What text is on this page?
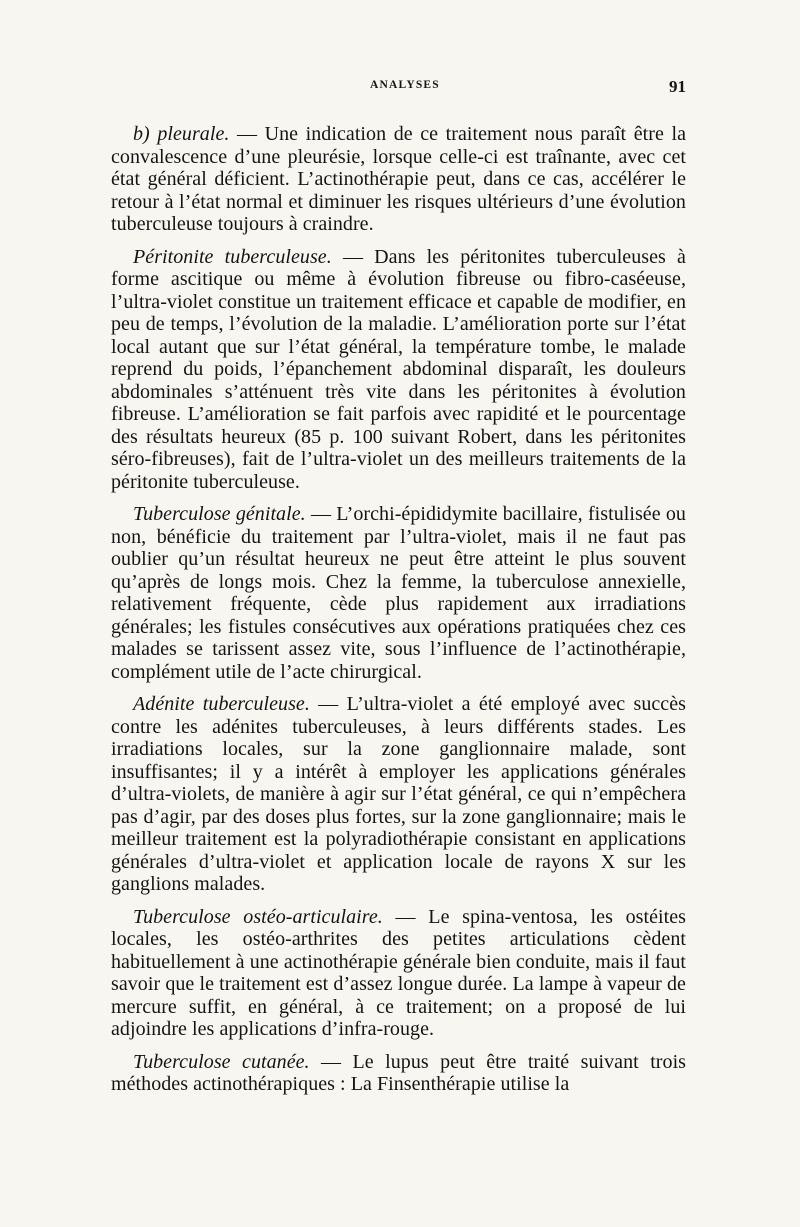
ANALYSES	91

b) pleurale. — Une indication de ce traitement nous paraît être la convalescence d’une pleurésie, lorsque celle-ci est traînante, avec cet état général déficient. L’actinothérapie peut, dans ce cas, accélérer le retour à l’état normal et diminuer les risques ultérieurs d’une évolution tuberculeuse toujours à craindre.

Péritonite tuberculeuse. — Dans les péritonites tuberculeuses à forme ascitique ou même à évolution fibreuse ou fibro-caséeuse, l’ultra-violet constitue un traitement efficace et capable de modifier, en peu de temps, l’évolution de la maladie. L’amélioration porte sur l’état local autant que sur l’état général, la température tombe, le malade reprend du poids, l’épanchement abdominal disparaît, les douleurs abdominales s’atténuent très vite dans les péritonites à évolution fibreuse. L’amélioration se fait parfois avec rapidité et le pourcentage des résultats heureux (85 p. 100 suivant Robert, dans les péritonites séro-fibreuses), fait de l’ultra-violet un des meilleurs traitements de la péritonite tuberculeuse.

Tuberculose génitale. — L’orchi-épididymite bacillaire, fistulisée ou non, bénéficie du traitement par l’ultra-violet, mais il ne faut pas oublier qu’un résultat heureux ne peut être atteint le plus souvent qu’après de longs mois. Chez la femme, la tuberculose annexielle, relativement fréquente, cède plus rapidement aux irradiations générales; les fistules consécutives aux opérations pratiquées chez ces malades se tarissent assez vite, sous l’influence de l’actinothérapie, complément utile de l’acte chirurgical.

Adénite tuberculeuse. — L’ultra-violet a été employé avec succès contre les adénites tuberculeuses, à leurs différents stades. Les irradiations locales, sur la zone ganglionnaire malade, sont insuffisantes; il y a intérêt à employer les applications générales d’ultra-violets, de manière à agir sur l’état général, ce qui n’empêchera pas d’agir, par des doses plus fortes, sur la zone ganglionnaire; mais le meilleur traitement est la polyradiothérapie consistant en applications générales d’ultra-violet et application locale de rayons X sur les ganglions malades.

Tuberculose ostéo-articulaire. — Le spina-ventosa, les ostéites locales, les ostéo-arthrites des petites articulations cèdent habituellement à une actinothérapie générale bien conduite, mais il faut savoir que le traitement est d’assez longue durée. La lampe à vapeur de mercure suffit, en général, à ce traitement; on a proposé de lui adjoindre les applications d’infra-rouge.

Tuberculose cutanée. — Le lupus peut être traité suivant trois méthodes actinothérapiques : La Finsenthérapie utilise la
